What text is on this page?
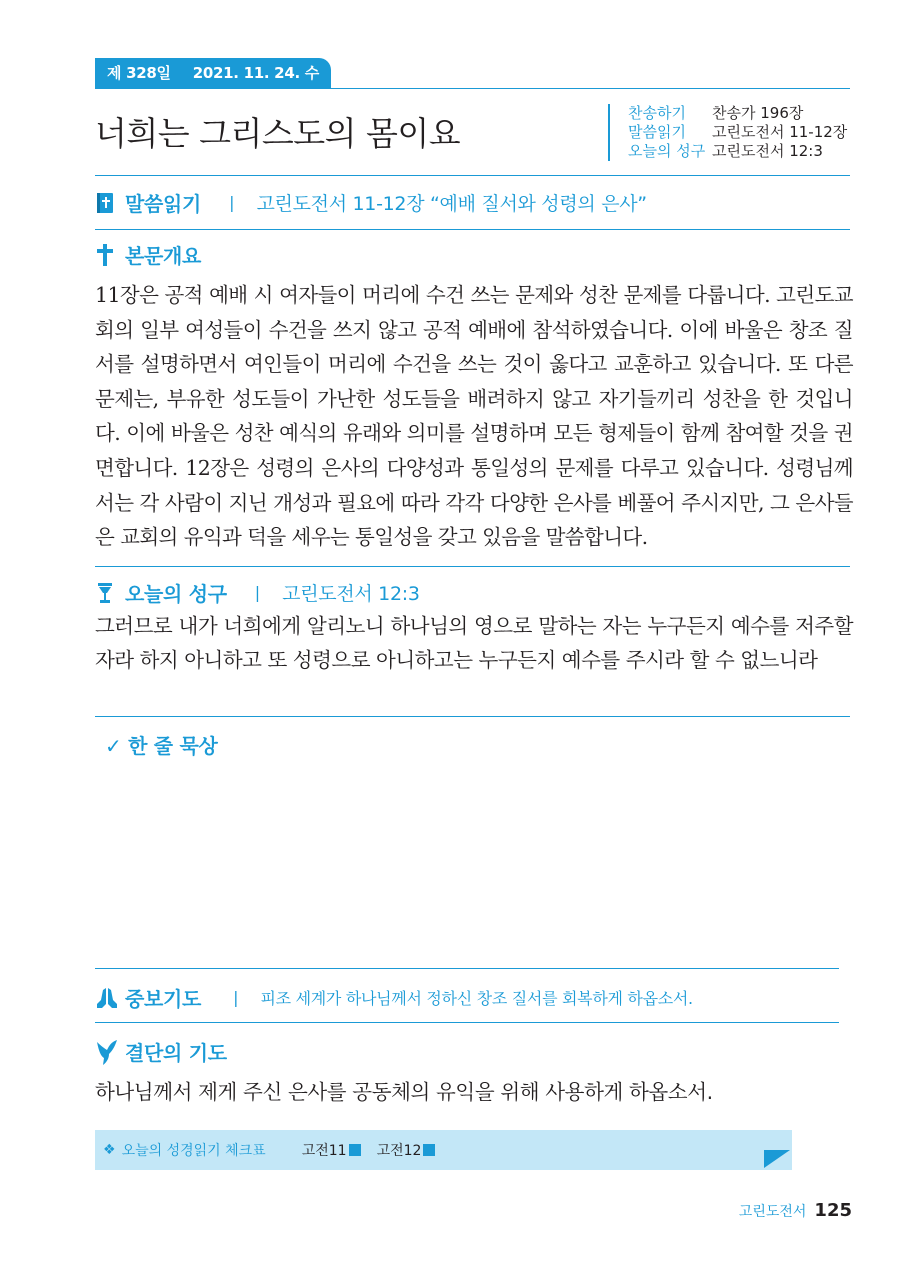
제 328일 2021. 11. 24. 수
너희는 그리스도의 몸이요
찬송하기	찬송가 196장
말씀읽기	고린도전서 11-12장
오늘의 성구 고린도전서 12:3
말씀읽기 | 고린도전서 11-12장 “예배 질서와 성령의 은사”
본문개요
11장은 공적 예배 시 여자들이 머리에 수건 쓰는 문제와 성찬 문제를 다룹니다. 고린도교회의 일부 여성들이 수건을 쓰지 않고 공적 예배에 참석하였습니다. 이에 바울은 창조 질서를 설명하면서 여인들이 머리에 수건을 쓰는 것이 옳다고 교훈하고 있습니다. 또 다른 문제는, 부유한 성도들이 가난한 성도들을 배려하지 않고 자기들끼리 성찬을 한 것입니다. 이에 바울은 성찬 예식의 유래와 의미를 설명하며 모든 형제들이 함께 참여할 것을 권면합니다. 12장은 성령의 은사의 다양성과 통일성의 문제를 다루고 있습니다. 성령님께서는 각 사람이 지닌 개성과 필요에 따라 각각 다양한 은사를 베풀어 주시지만, 그 은사들은 교회의 유익과 덕을 세우는 통일성을 갖고 있음을 말씀합니다.
오늘의 성구 | 고린도전서 12:3
그러므로 내가 너희에게 알리노니 하나님의 영으로 말하는 자는 누구든지 예수를 저주할 자라 하지 아니하고 또 성령으로 아니하고는 누구든지 예수를 주시라 할 수 없느니라
✓ 한 줄 묵상
중보기도 | 피조 세계가 하나님께서 정하신 창조 질서를 회복하게 하옵소서.
결단의 기도
하나님께서 제게 주신 은사를 공동체의 유익을 위해 사용하게 하옵소서.
❖ 오늘의 성경읽기 체크표	고전11 고전12
고린도전서 125
